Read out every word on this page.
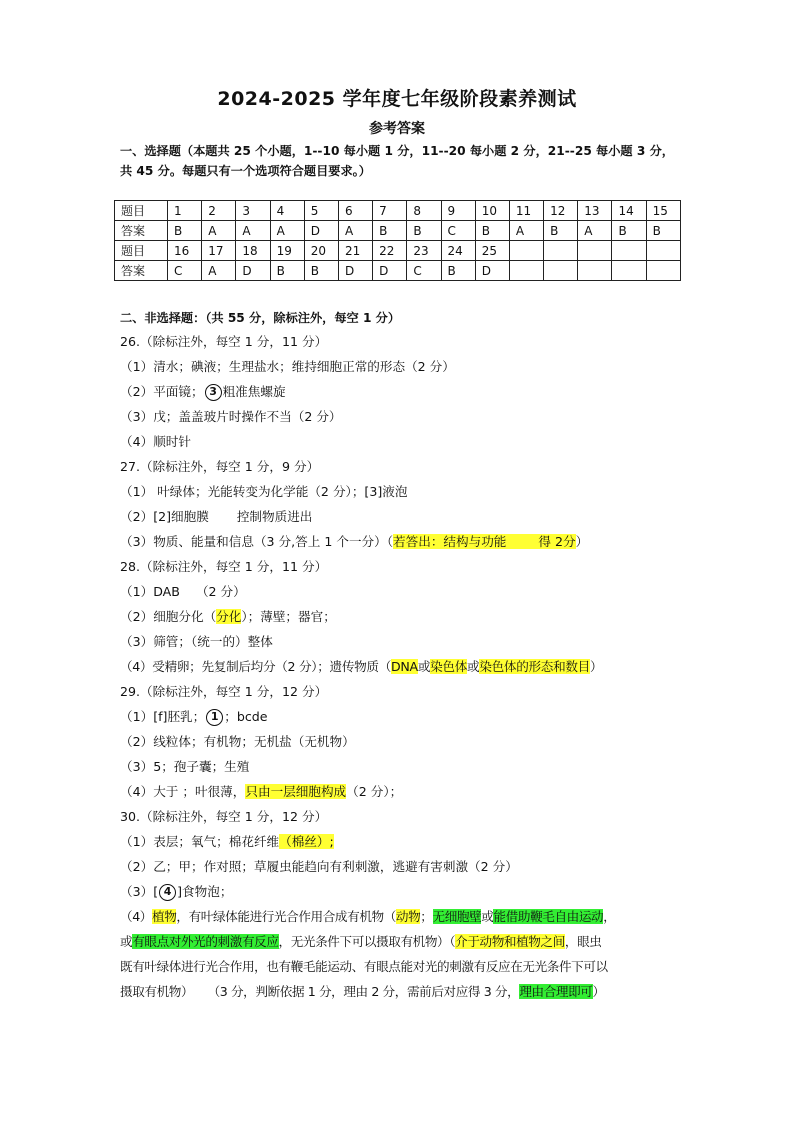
2024-2025 学年度七年级阶段素养测试
参考答案
一、选择题（本题共 25 个小题，1--10 每小题 1 分，11--20 每小题 2 分，21--25 每小题 3 分，共 45 分。每题只有一个选项符合题目要求。）
题目	1	2	3	4	5	6	7	8	9	10	11	12	13	14	15
答案	B	A	A	A	D	A	B	B	C	B	A	B	A	B	B
题目	16	17	18	19	20	21	22	23	24	25					
答案	C	A	D	B	B	D	D	C	B	D					
二、非选择题：（共 55 分，除标注外，每空 1 分）
26.（除标注外，每空 1 分，11 分）
（1）清水；碘液；生理盐水；维持细胞正常的形态（2 分）
（2）平面镜； 3 粗准焦螺旋
（3）戊；盖盖玻片时操作不当（2 分）
（4）顺时针
27.（除标注外，每空 1 分，9 分）
（1） 叶绿体；光能转变为化学能（2 分）；[3]液泡
（2）[2]细胞膜       控制物质进出
（3）物质、能量和信息（3 分,答上 1 个一分）（若答出：结构与功能        得 2分）
28.（除标注外，每空 1 分，11 分）
（1）DAB    （2 分）
（2）细胞分化（分化）；薄壁；器官；
（3）筛管；（统一的）整体
（4）受精卵；先复制后均分（2 分）；遗传物质（DNA或染色体或染色体的形态和数目）
29.（除标注外，每空 1 分，12 分）
（1）[f]胚乳； 1 ；bcde
（2）线粒体；有机物；无机盐（无机物）
（3）5；孢子囊；生殖
（4）大于 ；叶很薄，只由一层细胞构成（2 分）；
30.（除标注外，每空 1 分，12 分）
（1）表层；氧气；棉花纤维（棉丝）;
（2）乙；甲；作对照；草履虫能趋向有利刺激，逃避有害刺激（2 分）
（3）[ 4 ]食物泡；
（4）植物，有叶绿体能进行光合作用合成有机物（动物；无细胞壁或能借助鞭毛自由运动，
或有眼点对外光的刺激有反应，无光条件下可以摄取有机物）（介于动物和植物之间，眼虫
既有叶绿体进行光合作用，也有鞭毛能运动、有眼点能对光的刺激有反应在无光条件下可以
摄取有机物）    （3 分，判断依据 1 分，理由 2 分，需前后对应得 3 分，理由合理即可）
